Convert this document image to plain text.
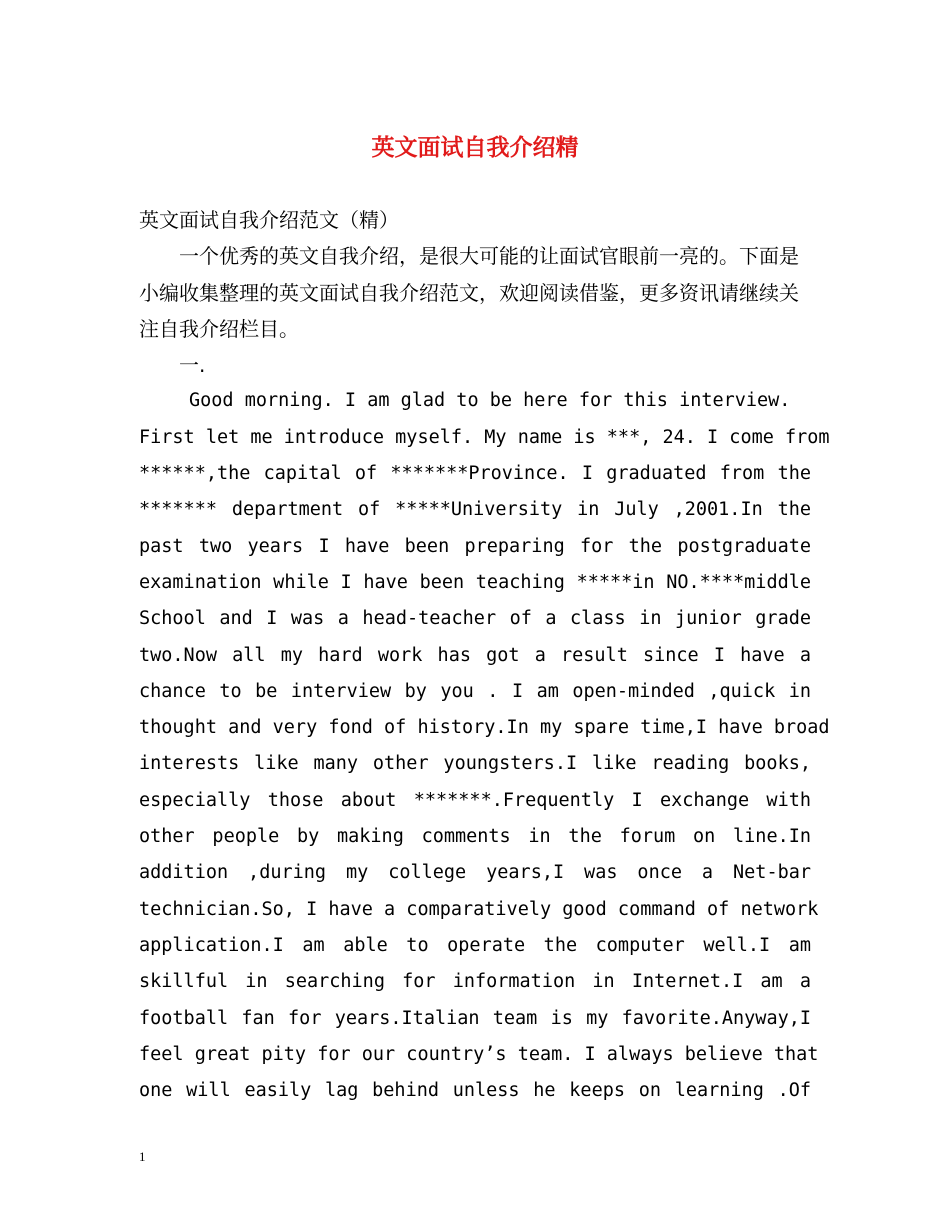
英文面试自我介绍精

英文面试自我介绍范文（精）

一个优秀的英文自我介绍，是很大可能的让面试官眼前一亮的。下面是小编收集整理的英文面试自我介绍范文，欢迎阅读借鉴，更多资讯请继续关注自我介绍栏目。

一.

Good morning. I am glad to be here for this interview.
First let me introduce myself. My name is ***, 24. I come from
******,the capital of *******Province. I graduated from the
******* department of *****University in July ,2001.In the
past two years I have been preparing for the postgraduate
examination while I have been teaching *****in NO.****middle
School and I was a head-teacher of a class in junior grade
two.Now all my hard work has got a result since I have a
chance to be interview by you . I am open-minded ,quick in
thought and very fond of history.In my spare time,I have broad
interests like many other youngsters.I like reading books,
especially those about *******.Frequently I exchange with
other people by making comments in the forum on line.In
addition ,during my college years,I was once a Net-bar
technician.So, I have a comparatively good command of network
application.I am able to operate the computer well.I am
skillful in searching for information in Internet.I am a
football fan for years.Italian team is my favorite.Anyway,I
feel great pity for our country’s team. I always believe that
one will easily lag behind unless he keeps on learning .Of
1
